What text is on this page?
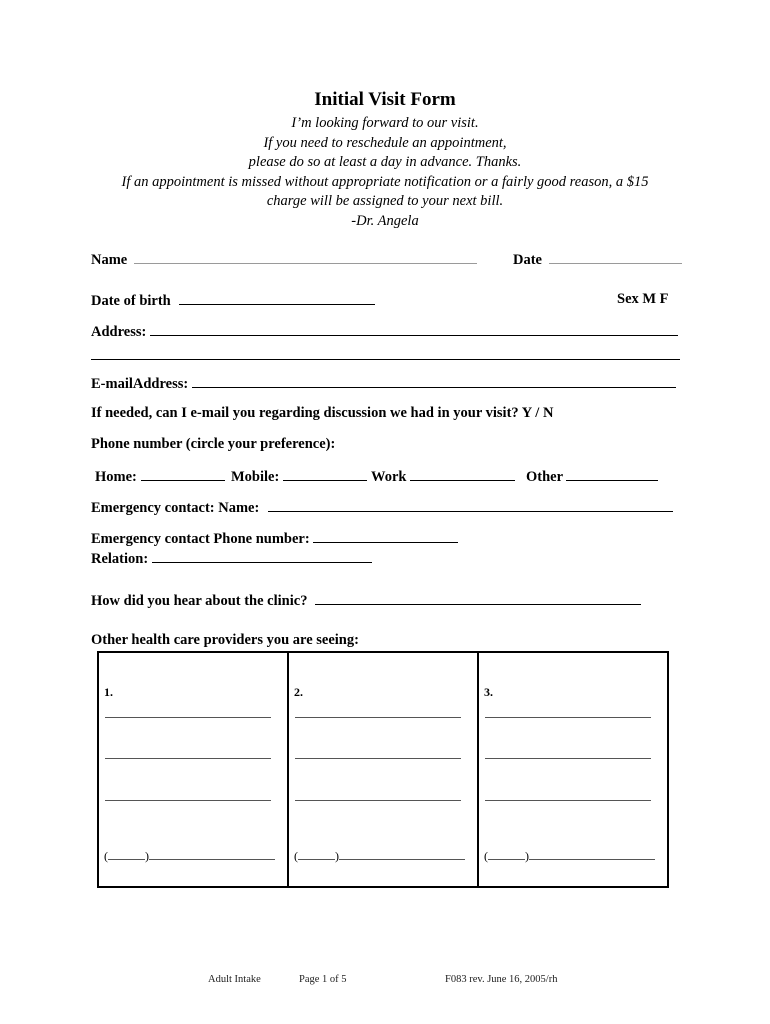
Initial Visit Form
I’m looking forward to our visit.
If you need to reschedule an appointment,
please do so at least a day in advance. Thanks.
If an appointment is missed without appropriate notification or a fairly good reason, a $15
charge will be assigned to your next bill.
-Dr. Angela
Name	Date
Date of birth	Sex M F
Address:
E-mailAddress:
If needed, can I e-mail you regarding discussion we had in your visit? Y / N
Phone number (circle your preference):
Home:	Mobile:	Work	Other
Emergency contact: Name:
Emergency contact Phone number:
Relation:
How did you hear about the clinic?
Other health care providers you are seeing:
1.
(	)
2.
(	)
3.
(	)
Adult Intake	Page 1 of 5	F083 rev. June 16, 2005/rh
